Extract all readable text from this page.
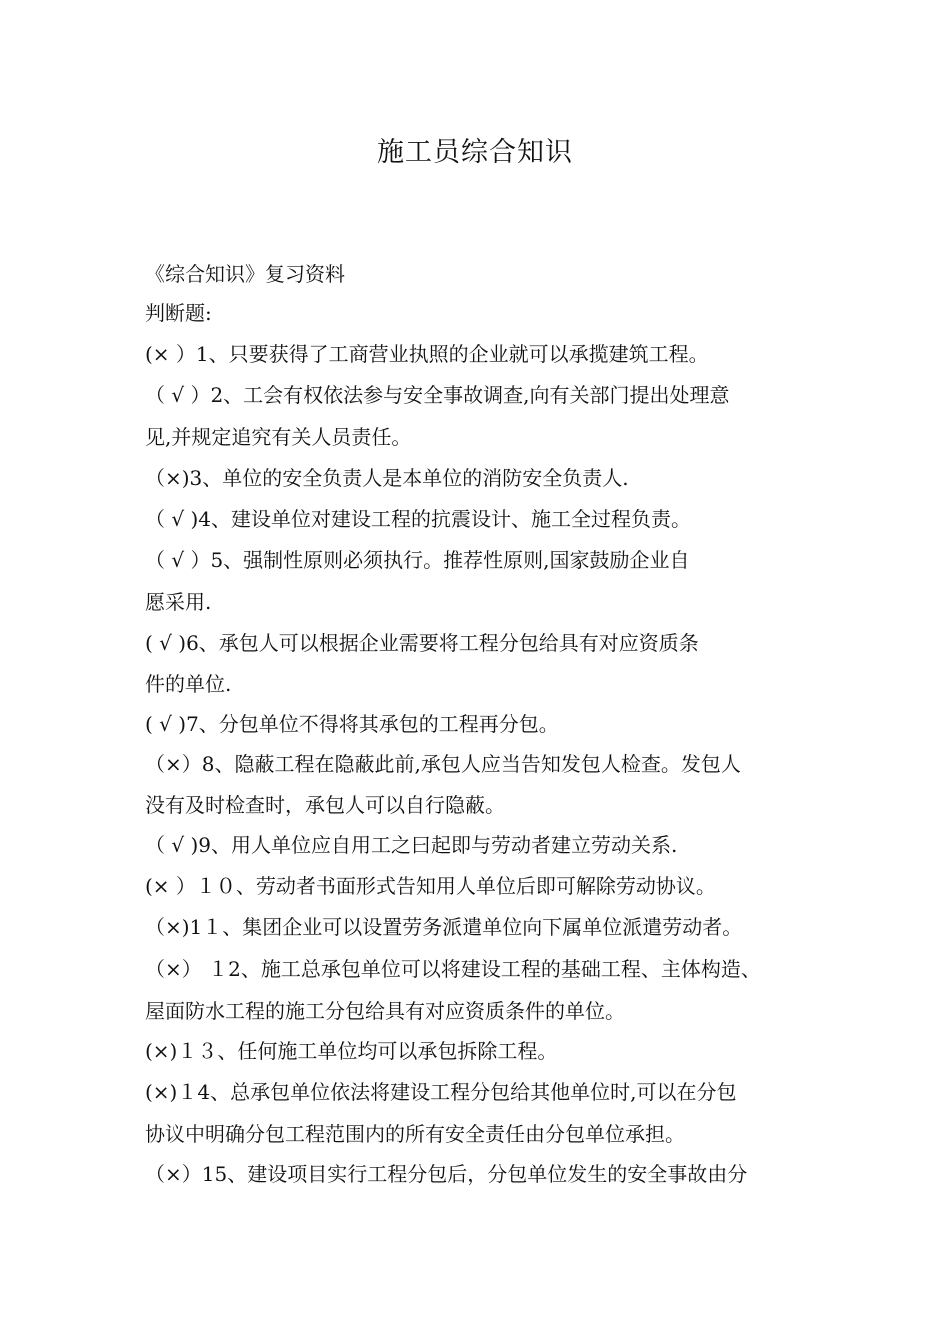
施工员综合知识
《综合知识》复习资料
判断题:
(× ）1、只要获得了工商营业执照的企业就可以承揽建筑工程。
（ √ ）2、工会有权依法参与安全事故调查,向有关部门提出处理意
见,并规定追究有关人员责任。
（×)3、单位的安全负责人是本单位的消防安全负责人.
（ √ )4、建设单位对建设工程的抗震设计、施工全过程负责。
（ √ ）5、强制性原则必须执行。推荐性原则,国家鼓励企业自
愿采用.
( √ )6、承包人可以根据企业需要将工程分包给具有对应资质条
件的单位.
( √ )7、分包单位不得将其承包的工程再分包。
（×）8、隐蔽工程在隐蔽此前,承包人应当告知发包人检查。发包人
没有及时检查时，承包人可以自行隐蔽。
（ √ )9、用人单位应自用工之曰起即与劳动者建立劳动关系.
(× ）１０、劳动者书面形式告知用人单位后即可解除劳动协议。
（×)1１、集团企业可以设置劳务派遣单位向下属单位派遣劳动者。
（×） １2、施工总承包单位可以将建设工程的基础工程、主体构造、
屋面防水工程的施工分包给具有对应资质条件的单位。
(×)１３、任何施工单位均可以承包拆除工程。
(×)１4、总承包单位依法将建设工程分包给其他单位时,可以在分包
协议中明确分包工程范围内的所有安全责任由分包单位承担。
（×）15、建设项目实行工程分包后，分包单位发生的安全事故由分
